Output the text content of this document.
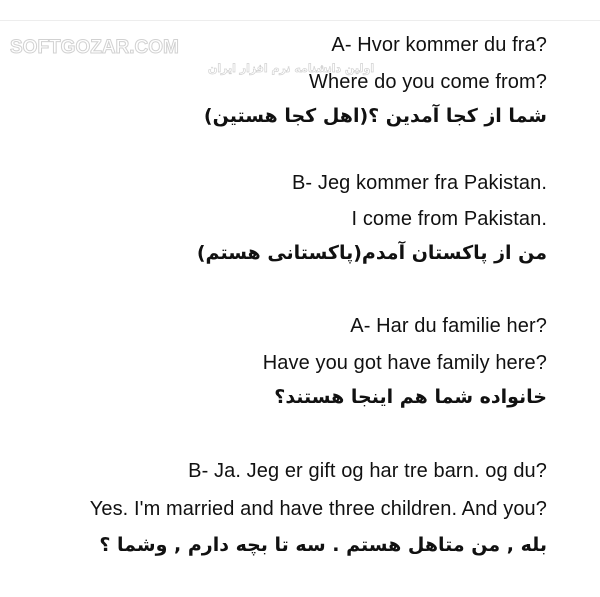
SOFTGOZAR.COM
اولین دانشنامه نرم افزار ایران
A- Hvor kommer du fra?
Where do you come from?
شما از کجا آمدین ؟(اهل کجا هستین)
B- Jeg kommer fra Pakistan.
I come from Pakistan.
من از پاکستان آمدم(پاکستانی هستم)
A- Har du familie her?
Have you got have family here?
خانواده شما هم اینجا هستند؟
B- Ja. Jeg er gift og har tre barn. og du?
Yes. I'm married and have three children. And you?
بله , من متاهل هستم . سه تا بچه دارم , وشما ؟
